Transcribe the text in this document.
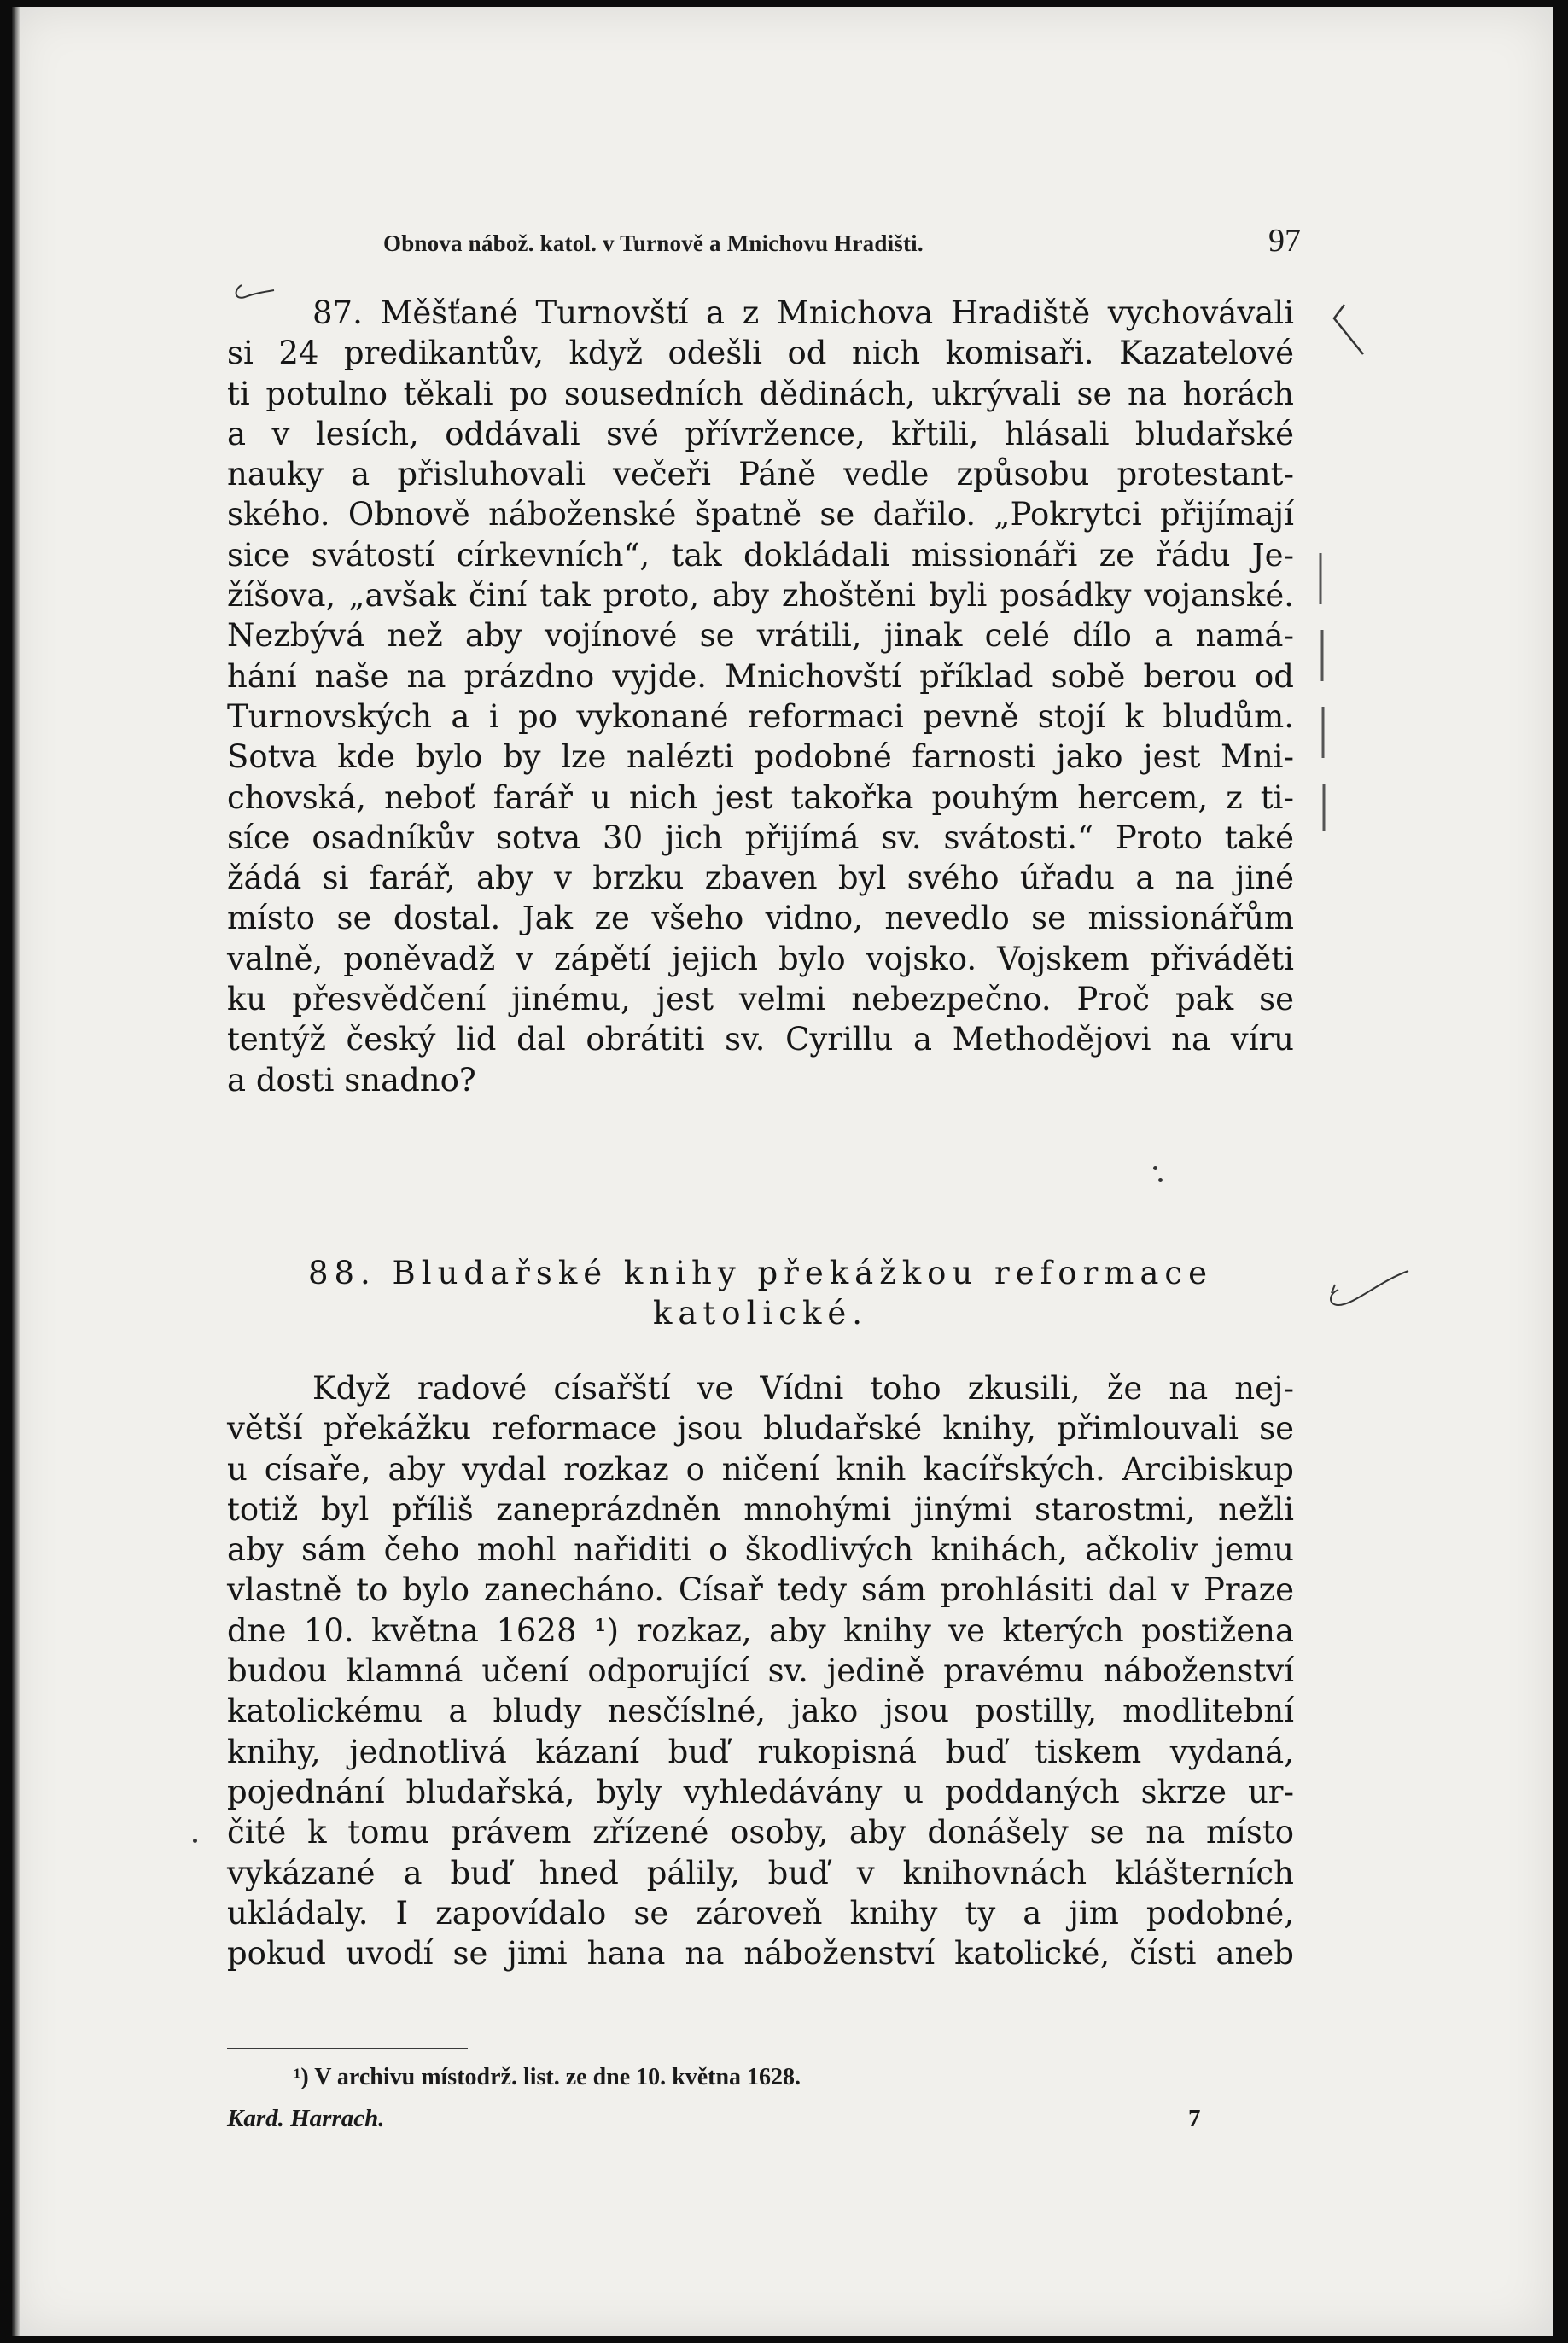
Obnova nábož. katol. v Turnově a Mnichovu Hradišti.	97
87. Měšťané Turnovští a z Mnichova Hradiště vychovávali
si 24 predikantův, když odešli od nich komisaři. Kazatelové
ti potulno těkali po sousedních dědinách, ukrývali se na horách
a v lesích, oddávali své přívržence, křtili, hlásali bludařské
nauky a přisluhovali večeři Páně vedle způsobu protestant-
ského. Obnově náboženské špatně se dařilo. „Pokrytci přijímají
sice svátostí církevních“, tak dokládali missionáři ze řádu Je-
žíšova, „avšak činí tak proto, aby zhoštěni byli posádky vojanské.
Nezbývá než aby vojínové se vrátili, jinak celé dílo a namá-
hání naše na prázdno vyjde. Mnichovští příklad sobě berou od
Turnovských a i po vykonané reformaci pevně stojí k bludům.
Sotva kde bylo by lze nalézti podobné farnosti jako jest Mni-
chovská, neboť farář u nich jest takořka pouhým hercem, z ti-
síce osadníkův sotva 30 jich přijímá sv. svátosti.“ Proto také
žádá si farář, aby v brzku zbaven byl svého úřadu a na jiné
místo se dostal. Jak ze všeho vidno, nevedlo se missionářům
valně, poněvadž v zápětí jejich bylo vojsko. Vojskem přiváděti
ku přesvědčení jinému, jest velmi nebezpečno. Proč pak se
tentýž český lid dal obrátiti sv. Cyrillu a Methodějovi na víru
a dosti snadno?
88. Bludařské knihy překážkou reformace
katolické.
Když radové císařští ve Vídni toho zkusili, že na nej-
větší překážku reformace jsou bludařské knihy, přimlouvali se
u císaře, aby vydal rozkaz o ničení knih kacířských. Arcibiskup
totiž byl příliš zaneprázdněn mnohými jinými starostmi, nežli
aby sám čeho mohl nařiditi o škodlivých knihách, ačkoliv jemu
vlastně to bylo zanecháno. Císař tedy sám prohlásiti dal v Praze
dne 10. května 1628 ¹) rozkaz, aby knihy ve kterých postižena
budou klamná učení odporující sv. jedině pravému náboženství
katolickému a bludy nesčíslné, jako jsou postilly, modlitební
knihy, jednotlivá kázaní buď rukopisná buď tiskem vydaná,
pojednání bludařská, byly vyhledávány u poddaných skrze ur-
čité k tomu právem zřízené osoby, aby donášely se na místo
vykázané a buď hned pálily, buď v knihovnách klášterních
ukládaly. I zapovídalo se zároveň knihy ty a jim podobné,
pokud uvodí se jimi hana na náboženství katolické, čísti aneb
¹) V archivu místodrž. list. ze dne 10. května 1628.
Kard. Harrach.	7
